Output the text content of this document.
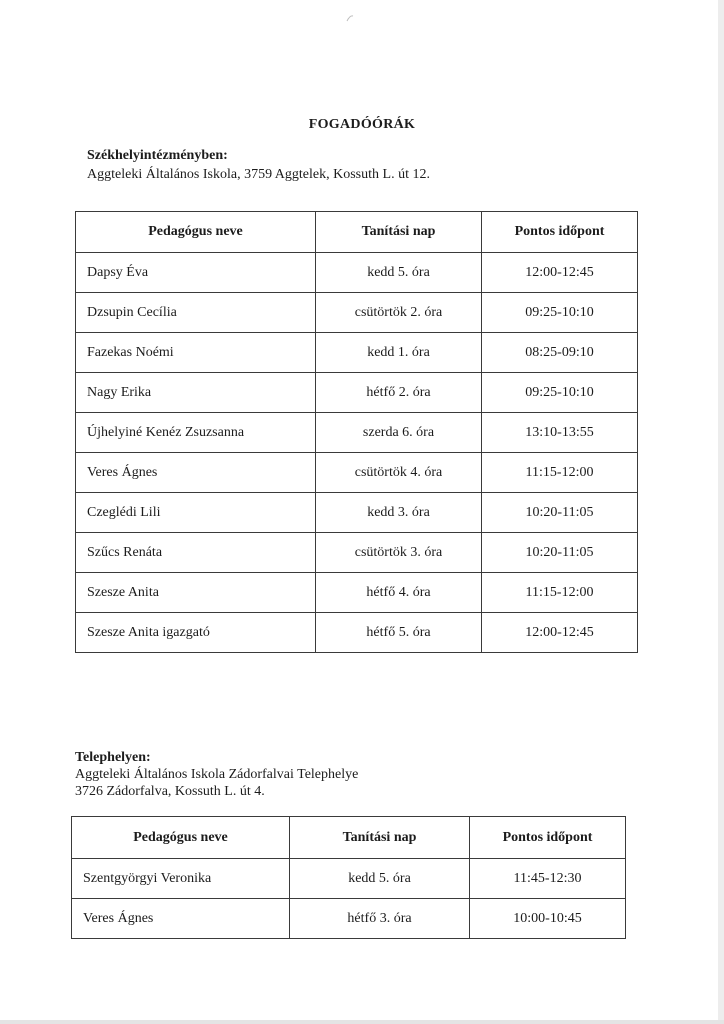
FOGADÓÓRÁK
Székhelyintézményben:
Aggteleki Általános Iskola, 3759 Aggtelek, Kossuth L. út 12.
Pedagógus neve	Tanítási nap	Pontos időpont
Dapsy Éva	kedd 5. óra	12:00-12:45
Dzsupin Cecília	csütörtök 2. óra	09:25-10:10
Fazekas Noémi	kedd 1. óra	08:25-09:10
Nagy Erika	hétfő 2. óra	09:25-10:10
Újhelyiné Kenéz Zsuzsanna	szerda 6. óra	13:10-13:55
Veres Ágnes	csütörtök 4. óra	11:15-12:00
Czeglédi Lili	kedd 3. óra	10:20-11:05
Szűcs Renáta	csütörtök 3. óra	10:20-11:05
Szesze Anita	hétfő 4. óra	11:15-12:00
Szesze Anita igazgató	hétfő 5. óra	12:00-12:45
Telephelyen:
Aggteleki Általános Iskola Zádorfalvai Telephelye
3726 Zádorfalva, Kossuth L. út 4.
Pedagógus neve	Tanítási nap	Pontos időpont
Szentgyörgyi Veronika	kedd 5. óra	11:45-12:30
Veres Ágnes	hétfő 3. óra	10:00-10:45
